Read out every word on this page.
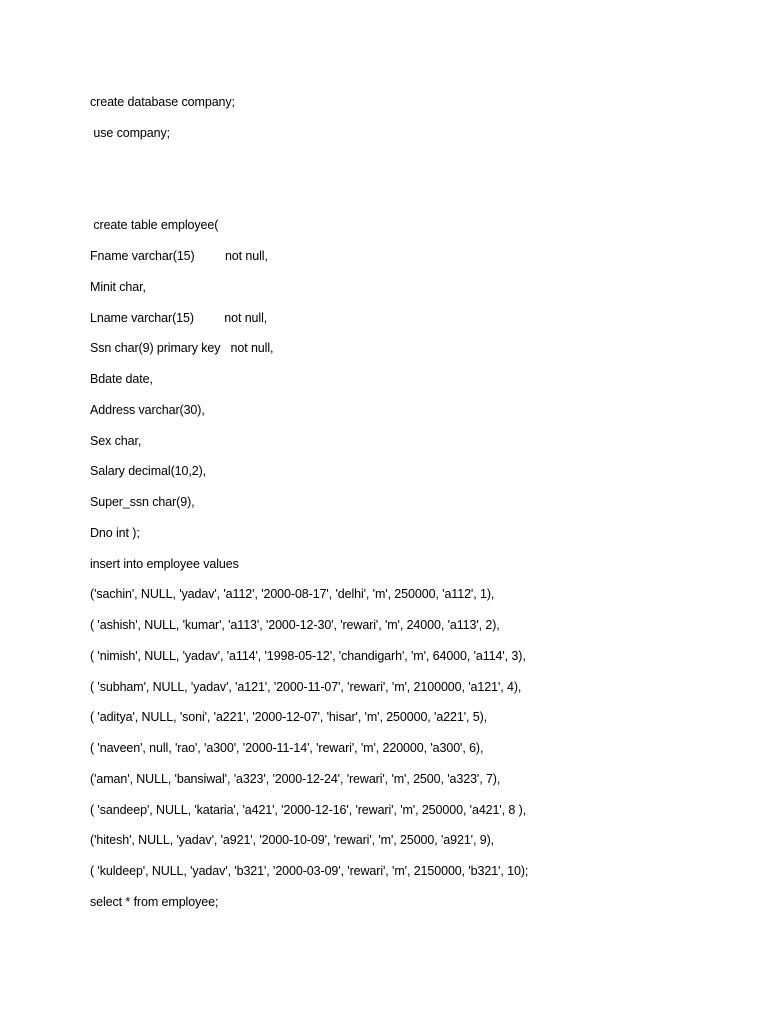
create database company;
use company;
create table employee(
Fname varchar(15)         not null,
Minit char,
Lname varchar(15)         not null,
Ssn char(9) primary key   not null,
Bdate date,
Address varchar(30),
Sex char,
Salary decimal(10,2),
Super_ssn char(9),
Dno int );
insert into employee values
('sachin', NULL, 'yadav', 'a112', '2000-08-17', 'delhi', 'm', 250000, 'a112', 1),
( 'ashish', NULL, 'kumar', 'a113', '2000-12-30', 'rewari', 'm', 24000, 'a113', 2),
( 'nimish', NULL, 'yadav', 'a114', '1998-05-12', 'chandigarh', 'm', 64000, 'a114', 3),
( 'subham', NULL, 'yadav', 'a121', '2000-11-07', 'rewari', 'm', 2100000, 'a121', 4),
( 'aditya', NULL, 'soni', 'a221', '2000-12-07', 'hisar', 'm', 250000, 'a221', 5),
( 'naveen', null, 'rao', 'a300', '2000-11-14', 'rewari', 'm', 220000, 'a300', 6),
('aman', NULL, 'bansiwal', 'a323', '2000-12-24', 'rewari', 'm', 2500, 'a323', 7),
( 'sandeep', NULL, 'kataria', 'a421', '2000-12-16', 'rewari', 'm', 250000, 'a421', 8 ),
('hitesh', NULL, 'yadav', 'a921', '2000-10-09', 'rewari', 'm', 25000, 'a921', 9),
( 'kuldeep', NULL, 'yadav', 'b321', '2000-03-09', 'rewari', 'm', 2150000, 'b321', 10);
select * from employee;
